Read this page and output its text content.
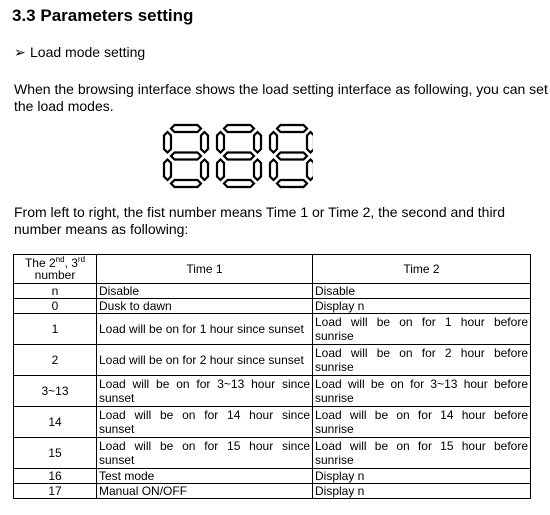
3.3 Parameters setting
➢ Load mode setting
When the browsing interface shows the load setting interface as following, you can set the load modes.
From left to right, the fist number means Time 1 or Time 2, the second and third number means as following:
The 2nd, 3rd number	Time 1	Time 2
n	Disable	Disable
0	Dusk to dawn	Display n
1	Load will be on for 1 hour since sunset	Load will be on for 1 hour before sunrise
2	Load will be on for 2 hour since sunset	Load will be on for 2 hour before sunrise
3~13	Load will be on for 3~13 hour since sunset	Load will be on for 3~13 hour before sunrise
14	Load will be on for 14 hour since sunset	Load will be on for 14 hour before sunrise
15	Load will be on for 15 hour since sunset	Load will be on for 15 hour before sunrise
16	Test mode	Display n
17	Manual ON/OFF	Display n
